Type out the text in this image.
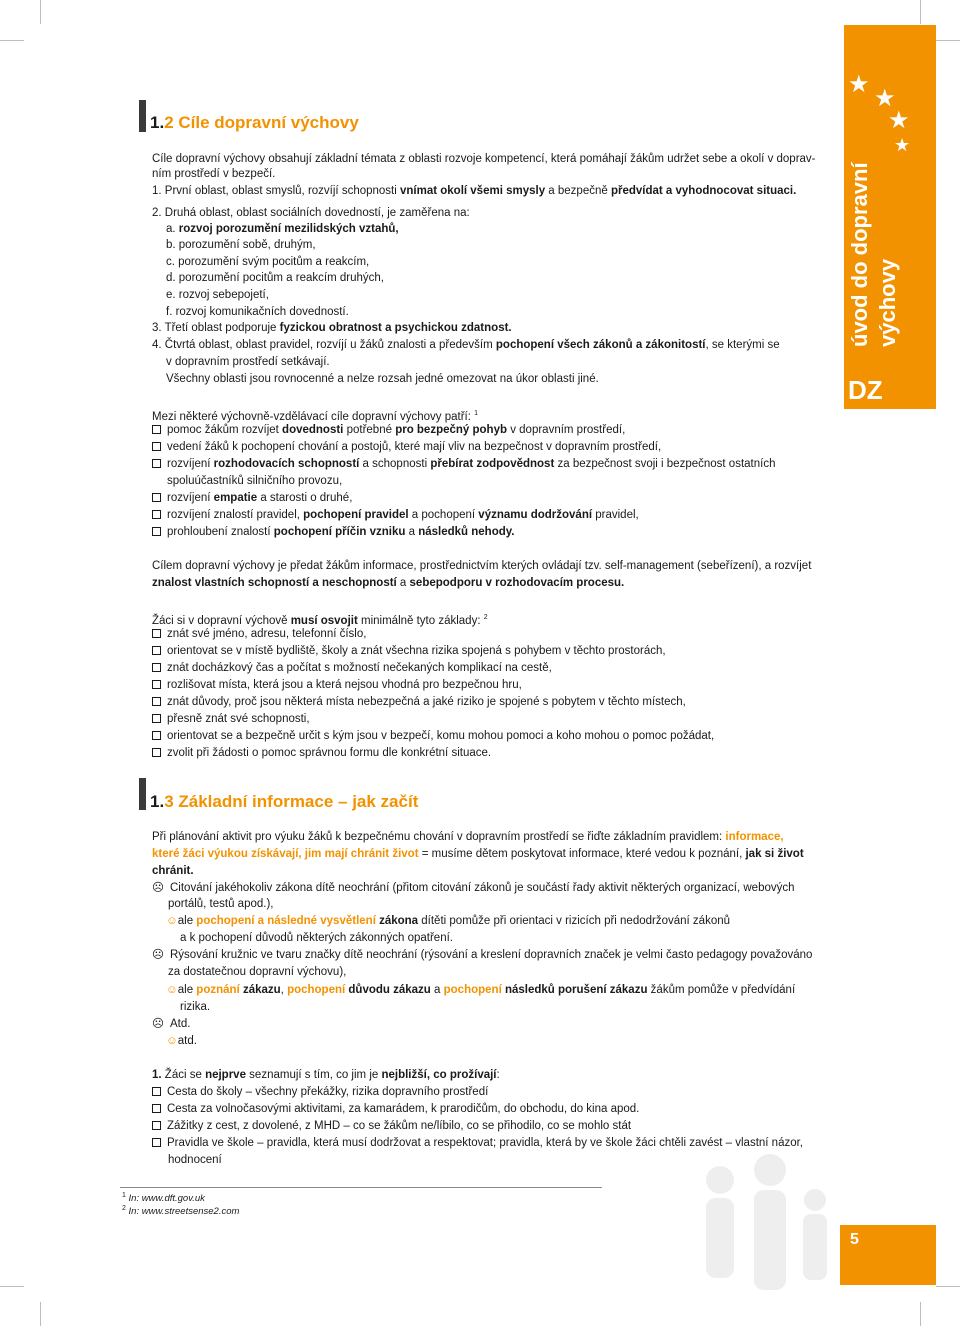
★
★
★
★
úvod do dopravní výchovy
DZ
1.2 Cíle dopravní výchovy
Cíle dopravní výchovy obsahují základní témata z oblasti rozvoje kompetencí, která pomáhají žákům udržet sebe a okolí v doprav-
ním prostředí v bezpečí.
1. První oblast, oblast smyslů, rozvíjí schopnosti vnímat okolí všemi smysly a bezpečně předvídat a vyhodnocovat situaci.
2. Druhá oblast, oblast sociálních dovedností, je zaměřena na:
a. rozvoj porozumění mezilidských vztahů,
b. porozumění sobě, druhým,
c. porozumění svým pocitům a reakcím,
d. porozumění pocitům a reakcím druhých,
e. rozvoj sebepojetí,
f. rozvoj komunikačních dovedností.
3. Třetí oblast podporuje fyzickou obratnost a psychickou zdatnost.
4. Čtvrtá oblast, oblast pravidel, rozvíjí u žáků znalosti a především pochopení všech zákonů a zákonitostí, se kterými se
v dopravním prostředí setkávají.
Všechny oblasti jsou rovnocenné a nelze rozsah jedné omezovat na úkor oblasti jiné.
Mezi některé výchovně-vzdělávací cíle dopravní výchovy patří: $^1$
pomoc žákům rozvíjet dovednosti potřebné pro bezpečný pohyb v dopravním prostředí,
vedení žáků k pochopení chování a postojů, které mají vliv na bezpečnost v dopravním prostředí,
rozvíjení rozhodovacích schopností a schopnosti přebírat zodpovědnost za bezpečnost svoji i bezpečnost ostatních
spoluúčastníků silničního provozu,
rozvíjení empatie a starosti o druhé,
rozvíjení znalostí pravidel, pochopení pravidel a pochopení významu dodržování pravidel,
prohloubení znalostí pochopení příčin vzniku a následků nehody.
Cílem dopravní výchovy je předat žákům informace, prostřednictvím kterých ovládají tzv. self-management (sebeřízení), a rozvíjet
znalost vlastních schopností a neschopností a sebepodporu v rozhodovacím procesu.
Žáci si v dopravní výchově musí osvojit minimálně tyto základy: $^2$
znát své jméno, adresu, telefonní číslo,
orientovat se v místě bydliště, školy a znát všechna rizika spojená s pohybem v těchto prostorách,
znát docházkový čas a počítat s možností nečekaných komplikací na cestě,
rozlišovat místa, která jsou a která nejsou vhodná pro bezpečnou hru,
znát důvody, proč jsou některá místa nebezpečná a jaké riziko je spojené s pobytem v těchto místech,
přesně znát své schopnosti,
orientovat se a bezpečně určit s kým jsou v bezpečí, komu mohou pomoci a koho mohou o pomoc požádat,
zvolit při žádosti o pomoc správnou formu dle konkrétní situace.
1.3 Základní informace – jak začít
Při plánování aktivit pro výuku žáků k bezpečnému chování v dopravním prostředí se řiďte základním pravidlem: informace,
které žáci výukou získávají, jim mají chránit život = musíme dětem poskytovat informace, které vedou k poznání, jak si život
chránit.
☹ Citování jakéhokoliv zákona dítě neochrání (přitom citování zákonů je součástí řady aktivit některých organizací, webových
portálů, testů apod.),
☺ale pochopení a následné vysvětlení zákona dítěti pomůže při orientaci v rizicích při nedodržování zákonů
a k pochopení důvodů některých zákonných opatření.
☹ Rýsování kružnic ve tvaru značky dítě neochrání (rýsování a kreslení dopravních značek je velmi často pedagogy považováno
za dostatečnou dopravní výchovu),
☺ale poznání zákazu, pochopení důvodu zákazu a pochopení následků porušení zákazu žákům pomůže v předvídání
rizika.
☹ Atd.
☺atd.
1. Žáci se nejprve seznamují s tím, co jim je nejbližší, co prožívají:
Cesta do školy – všechny překážky, rizika dopravního prostředí
Cesta za volnočasovými aktivitami, za kamarádem, k prarodičům, do obchodu, do kina apod.
Zážitky z cest, z dovolené, z MHD – co se žákům ne/líbilo, co se přihodilo, co se mohlo stát
Pravidla ve škole – pravidla, která musí dodržovat a respektovat; pravidla, která by ve škole žáci chtěli zavést – vlastní názor,
hodnocení
$^1$ In: www.dft.gov.uk
$^2$ In: www.streetsense2.com
5
